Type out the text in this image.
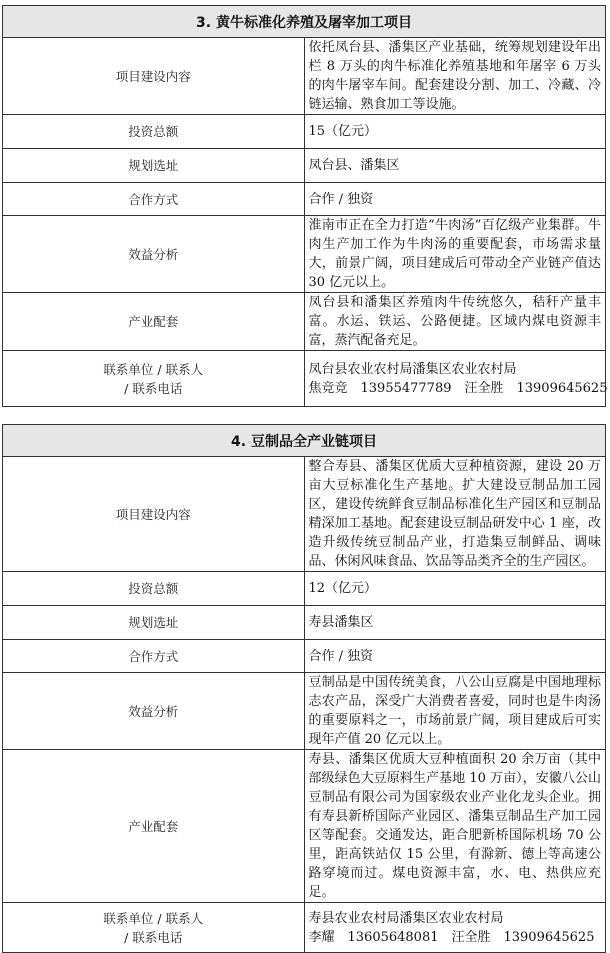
3. 黄牛标准化养殖及屠宰加工项目	
项目建设内容	依托凤台县、潘集区产业基础，统筹规划建设年出栏 8 万头的肉牛标准化养殖基地和年屠宰 6 万头的肉牛屠宰车间。配套建设分割、加工、冷藏、冷链运输、熟食加工等设施。
投资总额	15（亿元）
规划选址	凤台县、潘集区
合作方式	合作 / 独资
效益分析	淮南市正在全力打造“牛肉汤”百亿级产业集群。牛肉生产加工作为牛肉汤的重要配套，市场需求量大，前景广阔，项目建成后可带动全产业链产值达 30 亿元以上。
产业配套	凤台县和潘集区养殖肉牛传统悠久，秸秆产量丰富。水运、铁运、公路便捷。区域内煤电资源丰富，蒸汽配备充足。

联系单位 / 联系人
/ 联系电话	凤台县农业农村局潘集区农业农村局
焦竞竞　13955477789　汪全胜　13909645625
4. 豆制品全产业链项目	
项目建设内容	整合寿县、潘集区优质大豆种植资源，建设 20 万亩大豆标准化生产基地。扩大建设豆制品加工园区，建设传统鲜食豆制品标准化生产园区和豆制品精深加工基地。配套建设豆制品研发中心 1 座，改造升级传统豆制品产业，打造集豆制鲜品、调味品、休闲风味食品、饮品等品类齐全的生产园区。
投资总额	12（亿元）
规划选址	寿县潘集区
合作方式	合作 / 独资
效益分析	豆制品是中国传统美食，八公山豆腐是中国地理标志农产品，深受广大消费者喜爱，同时也是牛肉汤的重要原料之一，市场前景广阔，项目建成后可实现年产值 20 亿元以上。
产业配套	寿县、潘集区优质大豆种植面积 20 余万亩（其中部级绿色大豆原料生产基地 10 万亩），安徽八公山豆制品有限公司为国家级农业产业化龙头企业。拥有寿县新桥国际产业园区、潘集豆制品生产加工园区等配套。交通发达，距合肥新桥国际机场 70 公里，距高铁站仅 15 公里，有滁新、德上等高速公路穿境而过。煤电资源丰富，水、电、热供应充足。

联系单位 / 联系人
/ 联系电话	寿县农业农村局潘集区农业农村局
李耀　13605648081　汪全胜　13909645625
